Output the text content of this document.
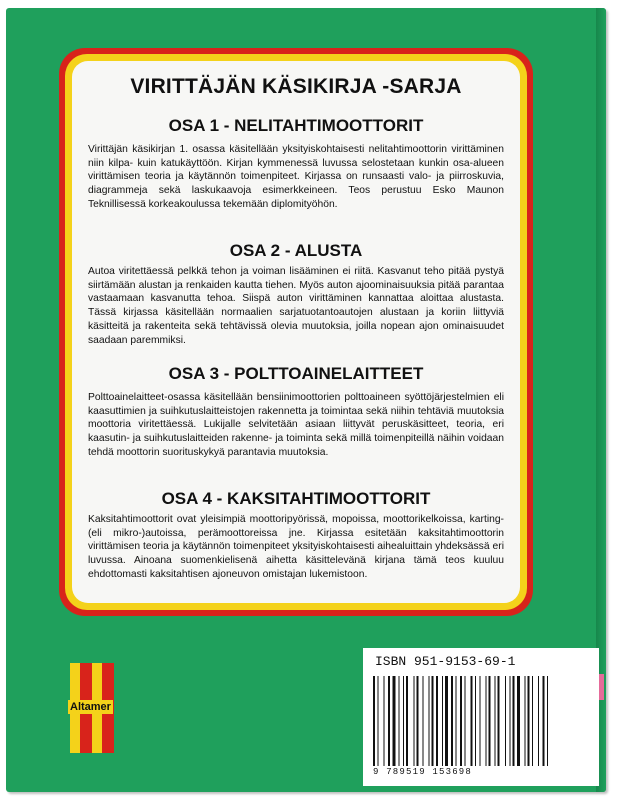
VIRITTÄJÄN KÄSIKIRJA -SARJA
OSA 1 - NELITAHTIMOOTTORIT

Virittäjän käsikirjan 1. osassa käsitellään yksityiskohtaisesti nelitahtimoottorin virittäminen niin kilpa- kuin katukäyttöön. Kirjan kymmenessä luvussa selostetaan kunkin osa-alueen virittämisen teoria ja käytännön toimenpiteet. Kirjassa on runsaasti valo- ja piirroskuvia, diagrammeja sekä laskukaavoja esimerkkeineen. Teos perustuu Esko Maunon Teknillisessä korkeakoulussa tekemään diplomityöhön.

OSA 2 - ALUSTA

Autoa viritettäessä pelkkä tehon ja voiman lisääminen ei riitä. Kasvanut teho pitää pystyä siirtämään alustan ja renkaiden kautta tiehen. Myös auton ajoominaisuuksia pitää parantaa vastaamaan kasvanutta tehoa. Siispä auton virittäminen kannattaa aloittaa alustasta. Tässä kirjassa käsitellään normaalien sarjatuotantoautojen alustaan ja koriin liittyviä käsitteitä ja rakenteita sekä tehtävissä olevia muutoksia, joilla nopean ajon ominaisuudet saadaan paremmiksi.

OSA 3 - POLTTOAINELAITTEET

Polttoainelaitteet-osassa käsitellään bensiinimoottorien polttoaineen syöttöjärjestelmien eli kaasuttimien ja suihkutuslaitteistojen rakennetta ja toimintaa sekä niihin tehtäviä muutoksia moottoria viritettäessä. Lukijalle selvitetään asiaan liittyvät peruskäsitteet, teoria, eri kaasutin- ja suihkutuslaitteiden rakenne- ja toiminta sekä millä toimenpiteillä näihin voidaan tehdä moottorin suorituskykyä parantavia muutoksia.

OSA 4 - KAKSITAHTIMOOTTORIT

Kaksitahtimoottorit ovat yleisimpiä moottoripyörissä, mopoissa, moottorikelkoissa, karting- (eli mikro-)autoissa, perämoottoreissa jne. Kirjassa esitetään kaksitahtimoottorin virittämisen teoria ja käytännön toimenpiteet yksityiskohtaisesti aihealuittain yhdeksässä eri luvussa. Ainoana suomenkielisenä aihetta käsittelevänä kirjana tämä teos kuuluu ehdottomasti kaksitahtisen ajoneuvon omistajan lukemistoon.

Altamer
ISBN 951-9153-69-1
9 789519 153698
